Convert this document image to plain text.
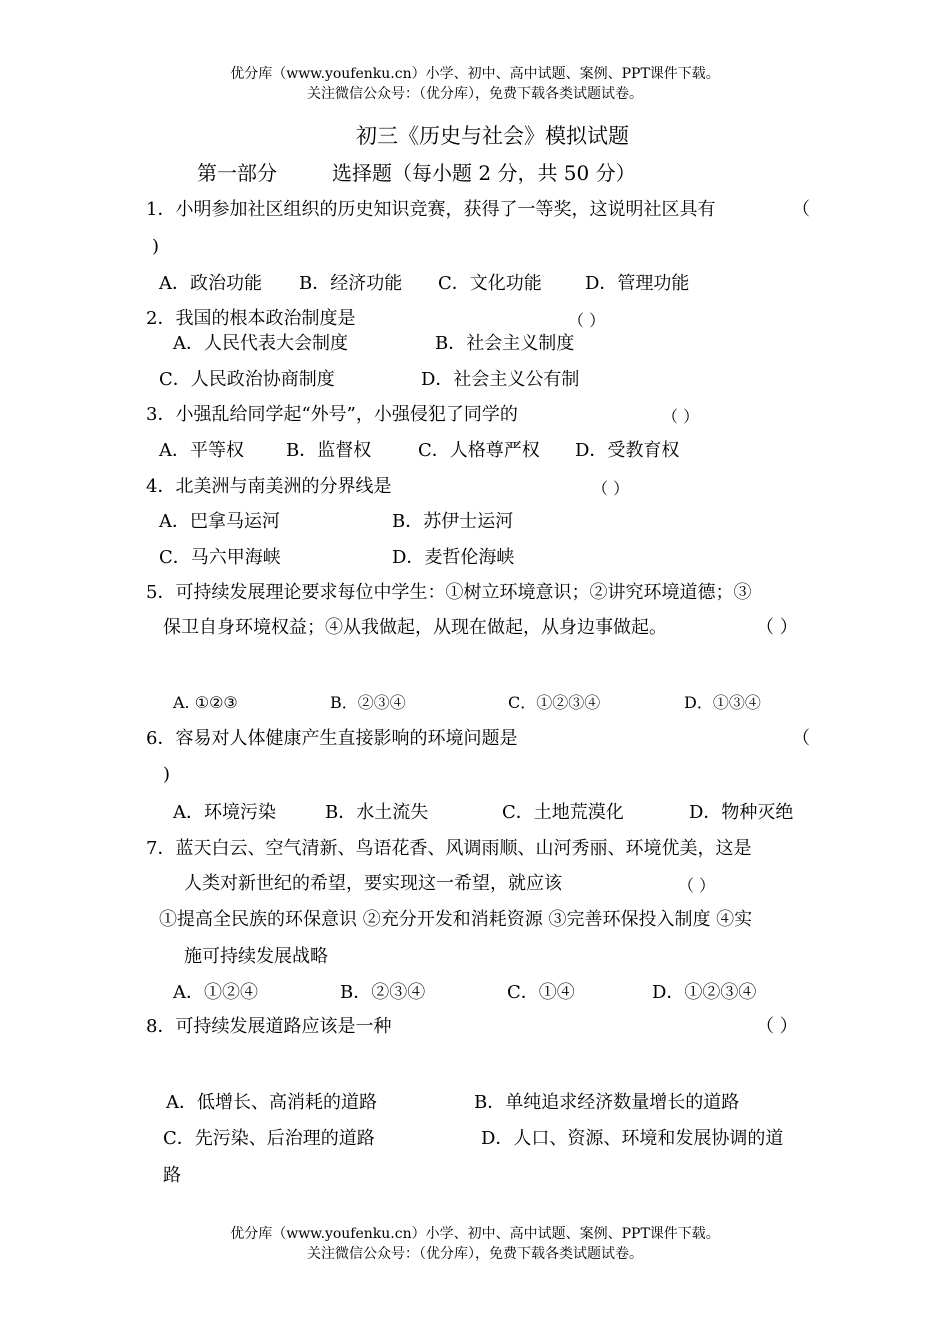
优分库（www.youfenku.cn）小学、初中、高中试题、案例、PPT课件下载。
关注微信公众号：（优分库），免费下载各类试题试卷。
初三《历史与社会》模拟试题
第一部分	选择题（每小题 2 分，共 50 分）
1．小明参加社区组织的历史知识竞赛，获得了一等奖，这说明社区具有	（
)
A．政治功能 B．经济功能 C．文化功能 D．管理功能
2．我国的根本政治制度是	（ ）
A．人民代表大会制度	B．社会主义制度
C．人民政治协商制度	D．社会主义公有制
3．小强乱给同学起“外号”，小强侵犯了同学的	（ ）
A．平等权 B．监督权	C．人格尊严权 D．受教育权
4．北美洲与南美洲的分界线是	（ ）
A．巴拿马运河	B．苏伊士运河
C．马六甲海峡	D．麦哲伦海峡
5．可持续发展理论要求每位中学生：①树立环境意识；②讲究环境道德；③
保卫自身环境权益；④从我做起，从现在做起，从身边事做起。	（ ）
A. ①②③	B．②③④	C．①②③④	D．①③④
6．容易对人体健康产生直接影响的环境问题是	（
)
A．环境污染	B．水土流失	C．土地荒漠化	D．物种灭绝
7．蓝天白云、空气清新、鸟语花香、风调雨顺、山河秀丽、环境优美，这是
人类对新世纪的希望，要实现这一希望，就应该	（ ）
①提高全民族的环保意识 ②充分开发和消耗资源 ③完善环保投入制度 ④实
施可持续发展战略
A．①②④	B．②③④	C．①④	D．①②③④
8．可持续发展道路应该是一种	（ ）
A．低增长、高消耗的道路	B．单纯追求经济数量增长的道路
C．先污染、后治理的道路	D．人口、资源、环境和发展协调的道
路
优分库（www.youfenku.cn）小学、初中、高中试题、案例、PPT课件下载。
关注微信公众号：（优分库），免费下载各类试题试卷。
